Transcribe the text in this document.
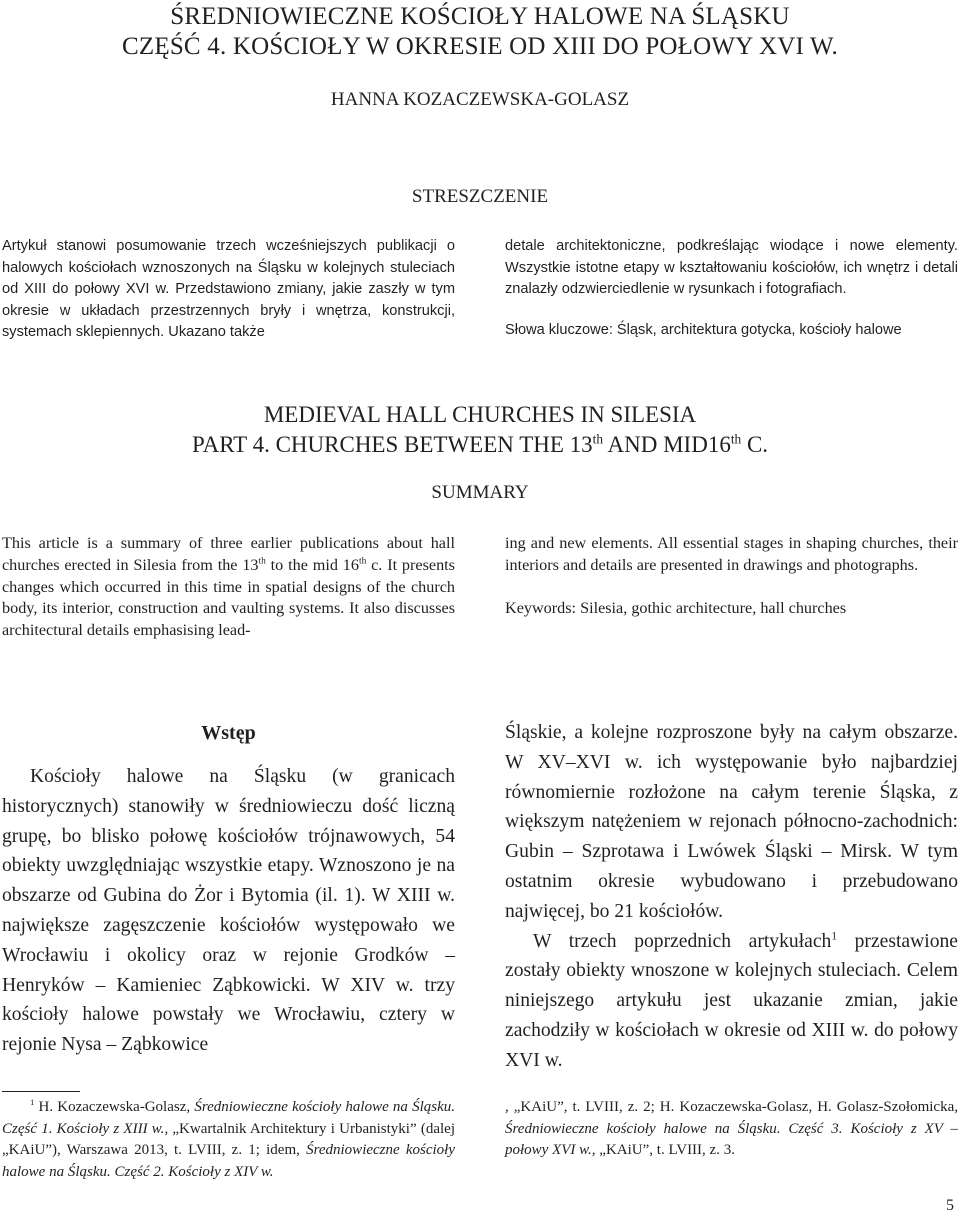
ŚREDNIOWIECZNE KOŚCIOŁY HALOWE NA ŚLĄSKU
CZĘŚĆ 4. KOŚCIOŁY W OKRESIE OD XIII DO POŁOWY XVI W.
HANNA KOZACZEWSKA-GOLASZ
STRESZCZENIE

Artykuł stanowi posumowanie trzech wcześniejszych publikacji o halowych kościołach wznoszonych na Śląsku w kolejnych stuleciach od XIII do połowy XVI w. Przedstawiono zmiany, jakie zaszły w tym okresie w układach przestrzennych bryły i wnętrza, konstrukcji, systemach sklepiennych. Ukazano także

detale architektoniczne, podkreślając wiodące i nowe elementy. Wszystkie istotne etapy w kształtowaniu kościołów, ich wnętrz i detali znalazły odzwierciedlenie w rysunkach i fotografiach.

Słowa kluczowe: Śląsk, architektura gotycka, kościoły halowe

MEDIEVAL HALL CHURCHES IN SILESIA
PART 4. CHURCHES BETWEEN THE 13th AND MID16th C.
SUMMARY

This article is a summary of three earlier publications about hall churches erected in Silesia from the 13th to the mid 16th c. It presents changes which occurred in this time in spatial designs of the church body, its interior, construction and vaulting systems. It also discusses architectural details emphasising lead-

ing and new elements. All essential stages in shaping churches, their interiors and details are presented in drawings and photographs.

Keywords: Silesia, gothic architecture, hall churches

Wstęp

Kościoły halowe na Śląsku (w granicach historycznych) stanowiły w średniowieczu dość liczną grupę, bo blisko połowę kościołów trójnawowych, 54 obiekty uwzględniając wszystkie etapy. Wznoszono je na obszarze od Gubina do Żor i Bytomia (il. 1). W XIII w. największe zagęszczenie kościołów występowało we Wrocławiu i okolicy oraz w rejonie Grodków – Henryków – Kamieniec Ząbkowicki. W XIV w. trzy kościoły halowe powstały we Wrocławiu, cztery w rejonie Nysa – Ząbkowice

Śląskie, a kolejne rozproszone były na całym obszarze. W XV–XVI w. ich występowanie było najbardziej równomiernie rozłożone na całym terenie Śląska, z większym natężeniem w rejonach północno-zachodnich: Gubin – Szprotawa i Lwówek Śląski – Mirsk. W tym ostatnim okresie wybudowano i przebudowano najwięcej, bo 21 kościołów.

W trzech poprzednich artykułach$^1$ przestawione zostały obiekty wnoszone w kolejnych stuleciach. Celem niniejszego artykułu jest ukazanie zmian, jakie zachodziły w kościołach w okresie od XIII w. do połowy XVI w.

$^1$ H. Kozaczewska-Golasz, Średniowieczne kościoły halowe na Śląsku. Część 1. Kościoły z XIII w., „Kwartalnik Architektury i Urbanistyki” (dalej „KAiU”), Warszawa 2013, t. LVIII, z. 1; idem, Średniowieczne kościoły halowe na Śląsku. Część 2. Kościoły z XIV w.

, „KAiU”, t. LVIII, z. 2; H. Kozaczewska-Golasz, H. Golasz-Szołomicka, Średniowieczne kościoły halowe na Śląsku. Część 3. Kościoły z XV – połowy XVI w., „KAiU”, t. LVIII, z. 3.

5
